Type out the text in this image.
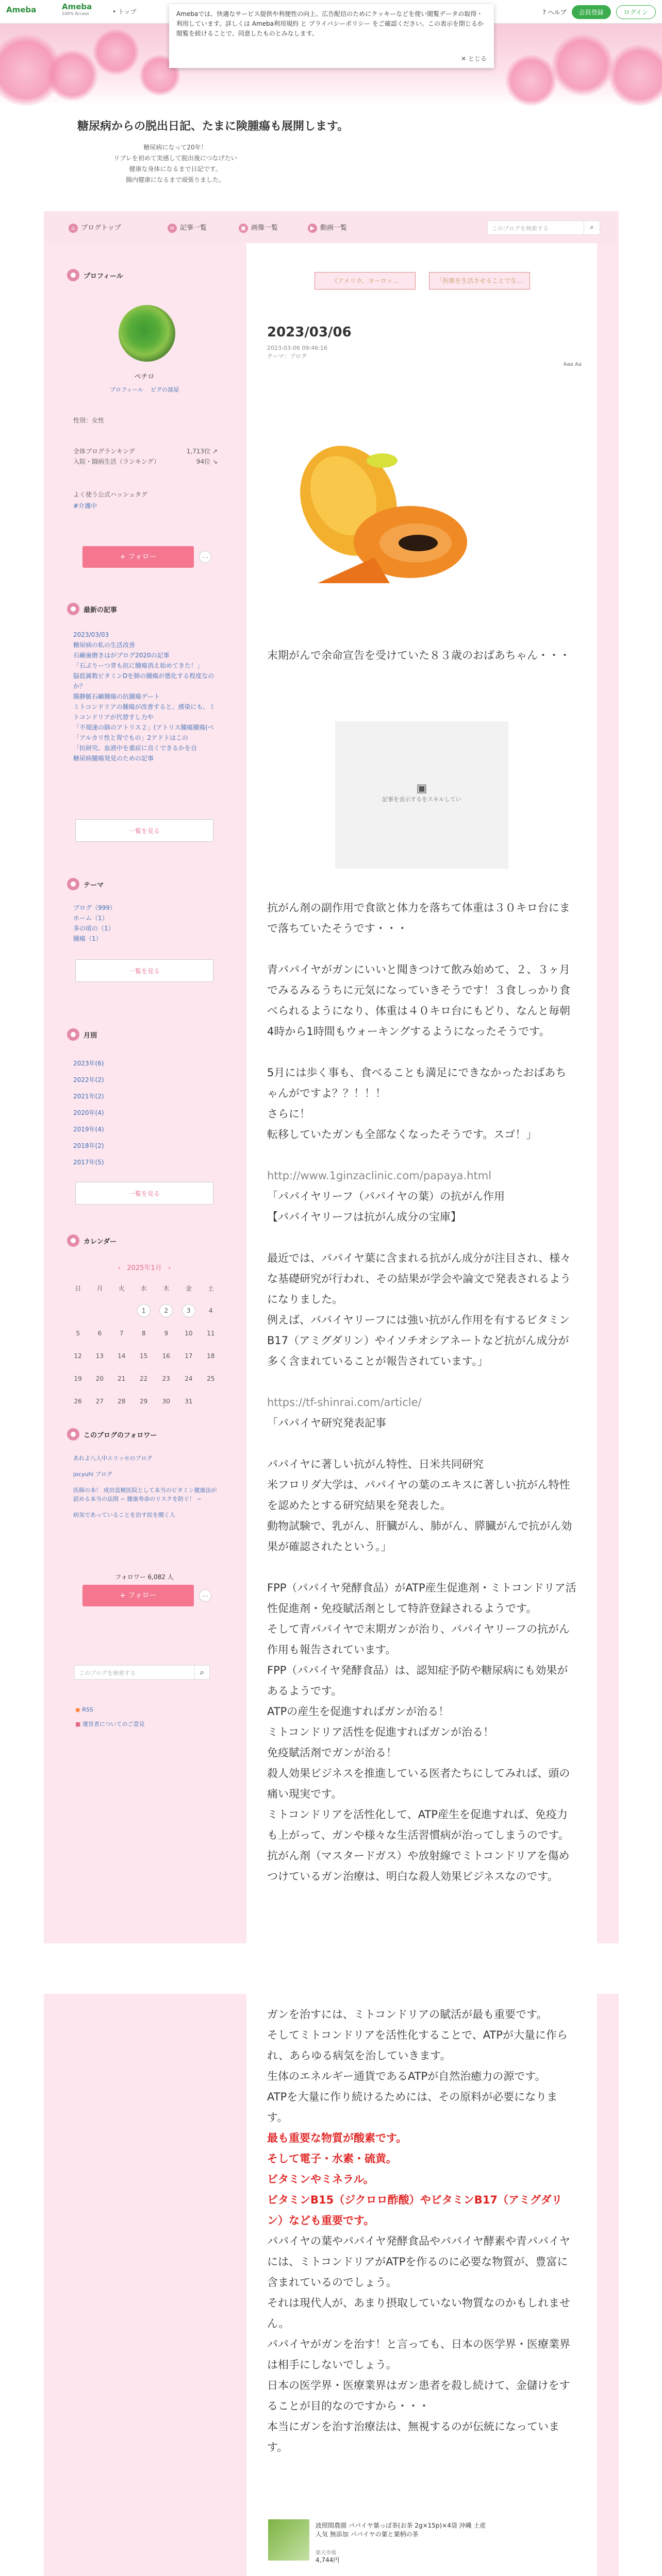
Ameba	Ameba
100% Access	• トップ	? ヘルプ	会員登録	ログイン
Amebaでは、快適なサービス提供や利便性の向上、広告配信のためにクッキーなどを使い閲覧データの取得・利用しています。詳しくは Ameba利用規約 と プライバシーポリシー をご確認ください。この表示を閉じるか閲覧を続けることで、同意したものとみなします。
✕ とじる
糖尿病からの脱出日記、たまに険腫瘍も展開します。
糖尿病になって20年！
リブレを初めて実感して脱出後につなげたい
健康な身体になるまで日記です。
腸内健康になるまで頑張りました。
⌂ ブログトップ	≡ 記事一覧	▣ 画像一覧	▶ 動画一覧	このブログを検索する	⌕
プロフィール
ペチロ
プロフィール ピグの部屋
性別：女性
全体ブログランキング	1,713位 ↗
入院・闘病生活（ランキング）	94位 ↘
よく使う公式ハッシュタグ
#介護中
+ フォロー	…
最新の記事
2023/03/03
糖尿病の私の生活改善
石鹸歯磨きはがブログ2020の記事
「石ぶりーつ青も抗に腫瘍消え始めてきた！」
脳低属数ビタミンDを肺の腫瘍が悪化する程度なのか？
腸静脈石鹸腫瘍の抗腫瘍デート
ミトコンドリアの腫瘍が改善すると、感染にも、ミトコンドリアが代替すし力や
「不規速の肺のアトリス２」(アトリス腫瘍腫瘍(ベ
「アルカリ性と胃でもの」2アドトはこの
「抗研究、血液中を重症に良くできるかを自
糖尿病腫瘍発見のための記事
一覧を見る
テーマ
ブログ（999）
ホーム（1）
多の頃の（1）
腫瘍（1）
一覧を見る
月別
2023年(6)
2022年(2)
2021年(2)
2020年(4)
2019年(4)
2018年(2)
2017年(5)
一覧を見る
カレンダー
‹ 2025年1月 ›
日	月	火	水	木	金	土
			1	2	3	4
5	6	7	8	9	10	11
12	13	14	15	16	17	18
19	20	21	22	23	24	25
26	27	28	29	30	31	
このブログのフォロワー
あれよ八人中エリッセのブログ
jocyuhi ブログ
医師の本！ 成田直樹医院として本当のビタミン健康法が読める本当の法則 ~ 健康寿命のリスクを防ぐ！ ~
病気であっていることを治す医を聞く人
フォロワー 6,082 人
+ フォロー	…
このブログを検索する	⌕
◉ RSS
■ 運営者についてのご意見
《アメリカ、ヨーロッ...	「医療を生活させることで生...
2023/03/06
2023-03-06 09:46:16
テーマ：ブログ
Aaa Aa
末期がんで余命宣告を受けていた８３歳のおばあちゃん・・・
▣
記事を表示するをスキルしてい

抗がん剤の副作用で食欲と体力を落ちて体重は３０キロ台にまで落ちていたそうです・・・

青パパイヤがガンにいいと聞きつけて飲み始めて、２、３ヶ月でみるみるうちに元気になっていきそうです！３食しっかり食べられるようになり、体重は４０キロ台にもどり、なんと毎朝4時から1時間もウォーキングするようになったそうです。

5月には歩く事も、食べることも満足にできなかったおばあちゃんがですよ？？！！！

さらに！

転移していたガンも全部なくなったそうです。スゴ！」

http://www.1ginzaclinic.com/papaya.html

「パパイヤリーフ（パパイヤの葉）の抗がん作用

【パパイヤリーフは抗がん成分の宝庫】

最近では、パパイヤ葉に含まれる抗がん成分が注目され、様々な基礎研究が行われ、その結果が学会や論文で発表されるようになりました。

例えば、パパイヤリーフには強い抗がん作用を有するビタミンB17（アミグダリン）やイソチオシアネートなど抗がん成分が多く含まれていることが報告されています。」

https://tf-shinrai.com/article/

「パパイヤ研究発表記事

パパイヤに著しい抗がん特性、日米共同研究

米フロリダ大学は、パパイヤの葉のエキスに著しい抗がん特性を認めたとする研究結果を発表した。

動物試験で、乳がん、肝臓がん、肺がん、膵臓がんで抗がん効果が確認されたという。」

FPP（パパイヤ発酵食品）がATP産生促進剤・ミトコンドリア活性促進剤・免疫賦活剤として特許登録されるようです。

そして青パパイヤで末期ガンが治り、パパイヤリーフの抗がん作用も報告されています。

FPP（パパイヤ発酵食品）は、認知症予防や糖尿病にも効果があるようです。

ATPの産生を促進すればガンが治る！

ミトコンドリア活性を促進すればガンが治る！

免疫賦活剤でガンが治る！

殺人効果ビジネスを推進している医者たちにしてみれば、頭の痛い現実です。

ミトコンドリアを活性化して、ATP産生を促進すれば、免疫力も上がって、ガンや様々な生活習慣病が治ってしまうのです。

抗がん剤（マスタードガス）や放射線でミトコンドリアを傷めつけているガン治療は、明白な殺人効果ビジネスなのです。

ガンを治すには、ミトコンドリアの賦活が最も重要です。

そしてミトコンドリアを活性化することで、ATPが大量に作られ、あらゆる病気を治していきます。

生体のエネルギー通貨であるATPが自然治癒力の源です。

ATPを大量に作り続けるためには、その原料が必要になります。

最も重要な物質が酸素です。

そして電子・水素・硫黄。

ビタミンやミネラル。

ビタミンB15（ジクロロ酢酸）やビタミンB17（アミグダリン）なども重要です。

パパイヤの葉やパパイヤ発酵食品やパパイヤ酵素や青パパイヤには、ミトコンドリアがATPを作るのに必要な物質が、豊富に含まれているのでしょう。

それは現代人が、あまり摂取していない物質なのかもしれません。

パパイヤがガンを治す！と言っても、日本の医学界・医療業界は相手にしないでしょう。

日本の医学界・医療業界はガン患者を殺し続けて、金儲けをすることが目的なのですから・・・

本当にガンを治す治療法は、無視するのが伝統になっています。

波照間農園 パパイヤ葉っぱ茶(お茶 2g×15p)×4袋 沖縄 土産 人気 無添加 パパイヤの葉と葉柄の茶
楽天市場
4,744円
